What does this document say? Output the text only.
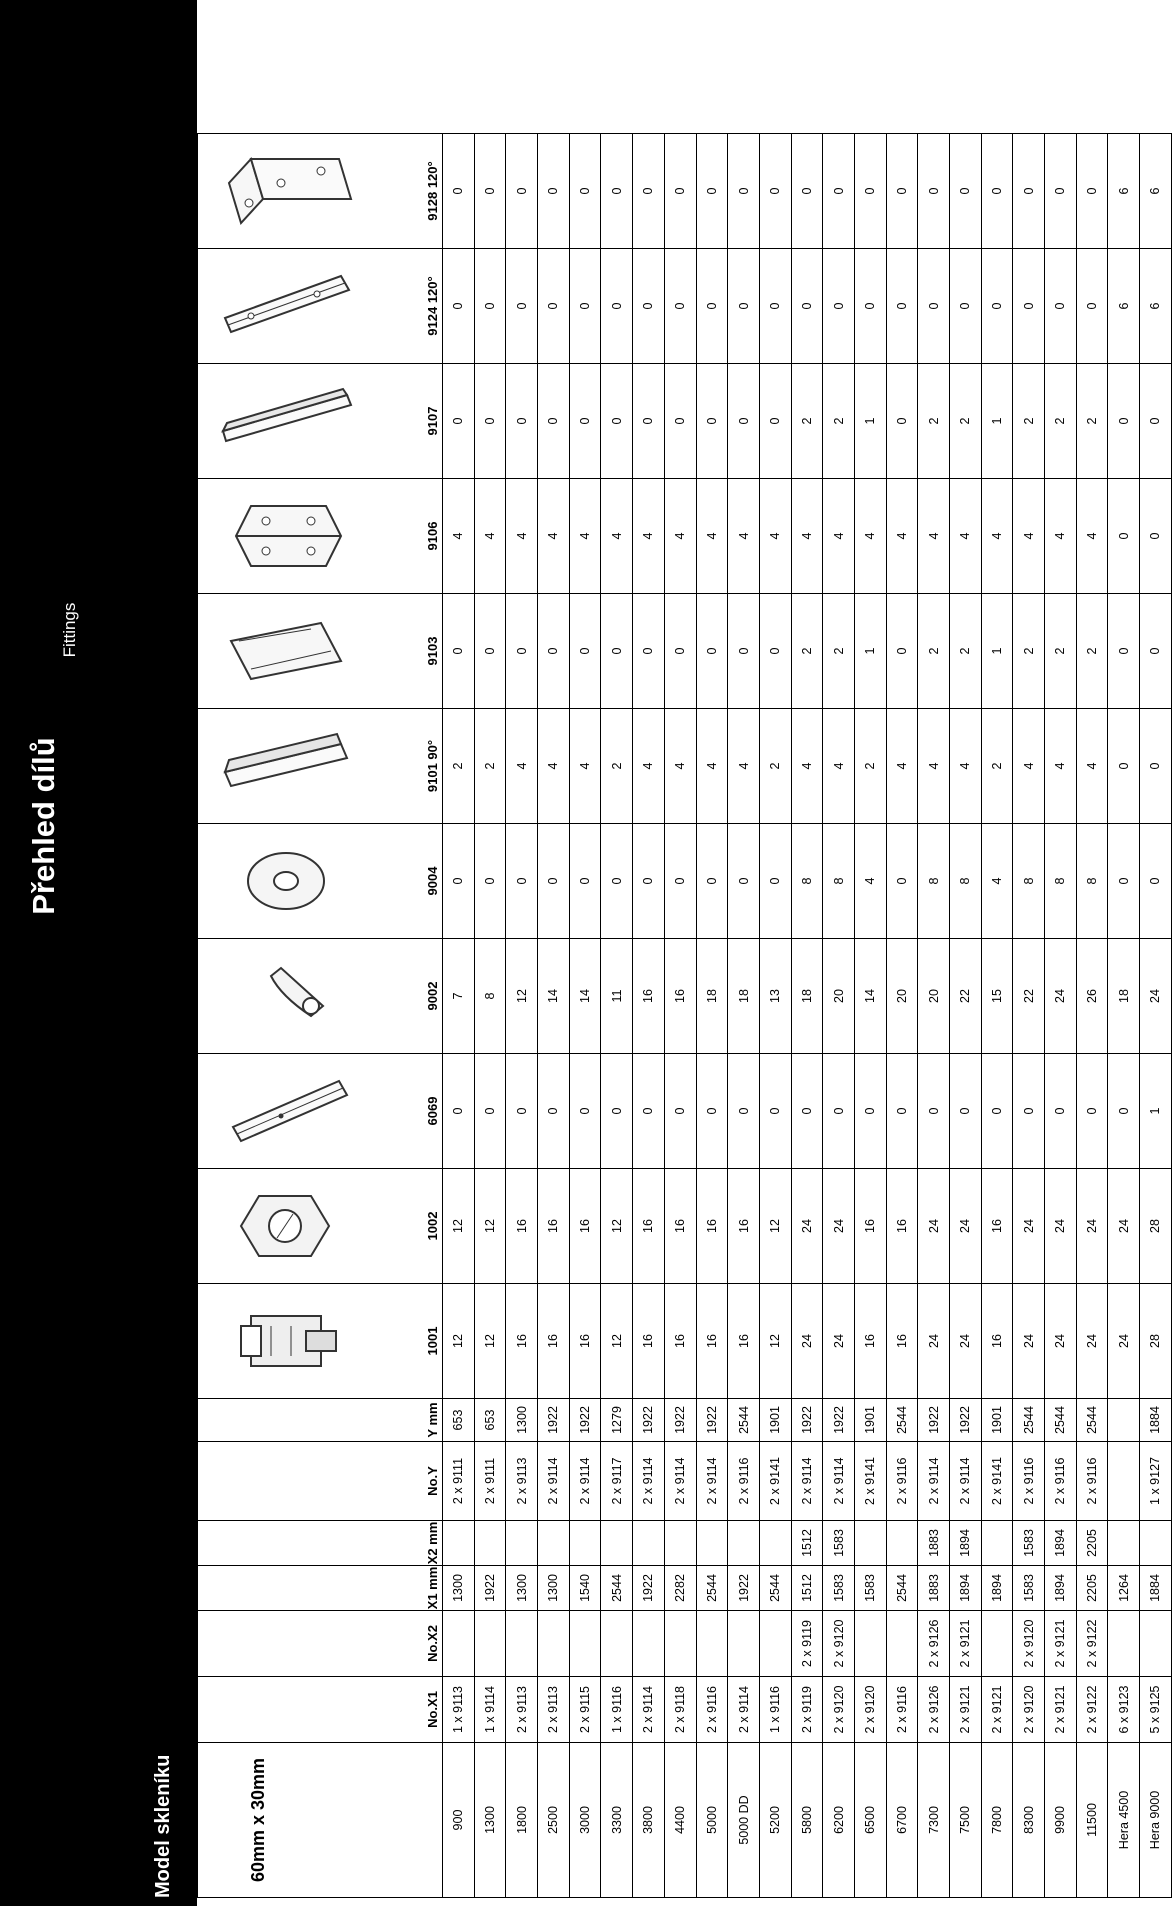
Model skleníku
Přehled dílů
Fittings
60mm x 30mm	No.X1	No.X2	X1 mm	X2 mm	No.Y	Y mm	1001	1002	6069	9002	9004	9101 90°	9103	9106	9107	9124 120°	9128 120°

900	1 x 9113		1300		2 x 9111	653	12	12	0	7	0	2	0	4	0	0	0
1300	1 x 9114		1922		2 x 9111	653	12	12	0	8	0	2	0	4	0	0	0
1800	2 x 9113		1300		2 x 9113	1300	16	16	0	12	0	4	0	4	0	0	0
2500	2 x 9113		1300		2 x 9114	1922	16	16	0	14	0	4	0	4	0	0	0
3000	2 x 9115		1540		2 x 9114	1922	16	16	0	14	0	4	0	4	0	0	0
3300	1 x 9116		2544		2 x 9117	1279	12	12	0	11	0	2	0	4	0	0	0
3800	2 x 9114		1922		2 x 9114	1922	16	16	0	16	0	4	0	4	0	0	0
4400	2 x 9118		2282		2 x 9114	1922	16	16	0	16	0	4	0	4	0	0	0
5000	2 x 9116		2544		2 x 9114	1922	16	16	0	18	0	4	0	4	0	0	0
5000 DD	2 x 9114		1922		2 x 9116	2544	16	16	0	18	0	4	0	4	0	0	0
5200	1 x 9116		2544		2 x 9141	1901	12	12	0	13	0	2	0	4	0	0	0
5800	2 x 9119	2 x 9119	1512	1512	2 x 9114	1922	24	24	0	18	8	4	2	4	2	0	0
6200	2 x 9120	2 x 9120	1583	1583	2 x 9114	1922	24	24	0	20	8	4	2	4	2	0	0
6500	2 x 9120		1583		2 x 9141	1901	16	16	0	14	4	2	1	4	1	0	0
6700	2 x 9116		2544		2 x 9116	2544	16	16	0	20	0	4	0	4	0	0	0
7300	2 x 9126	2 x 9126	1883	1883	2 x 9114	1922	24	24	0	20	8	4	2	4	2	0	0
7500	2 x 9121	2 x 9121	1894	1894	2 x 9114	1922	24	24	0	22	8	4	2	4	2	0	0
7800	2 x 9121		1894		2 x 9141	1901	16	16	0	15	4	2	1	4	1	0	0
8300	2 x 9120	2 x 9120	1583	1583	2 x 9116	2544	24	24	0	22	8	4	2	4	2	0	0
9900	2 x 9121	2 x 9121	1894	1894	2 x 9116	2544	24	24	0	24	8	4	2	4	2	0	0
11500	2 x 9122	2 x 9122	2205	2205	2 x 9116	2544	24	24	0	26	8	4	2	4	2	0	0
Hera 4500	6 x 9123		1264				24	24	0	18	0	0	0	0	0	6	6
Hera 9000	5 x 9125		1884		1 x 9127	1884	28	28	1	24	0	0	0	0	0	6	6
